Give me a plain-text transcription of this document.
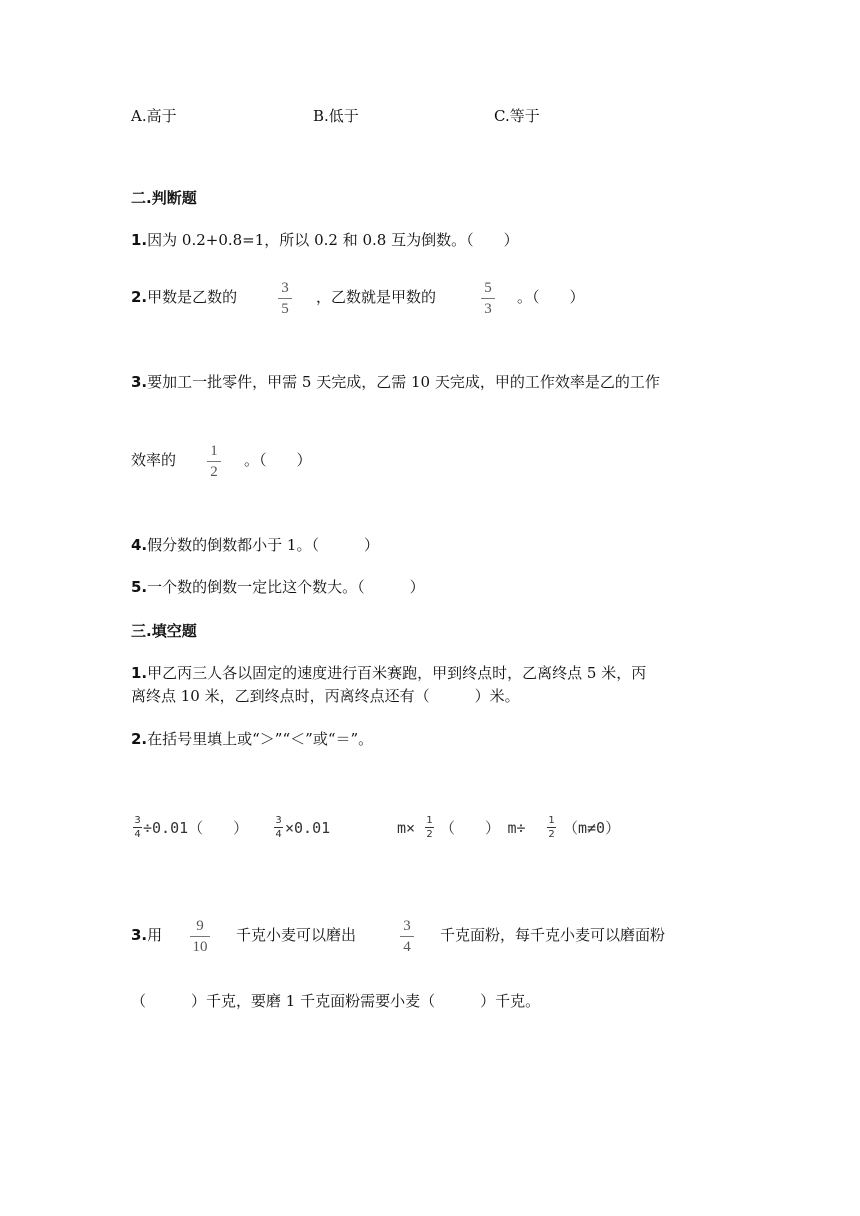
A.高于	B.低于	C.等于
二.判断题
1.因为 0.2+0.8=1，所以 0.2 和 0.8 互为倒数。（　　）
2.甲数是乙数的	3
5
，乙数就是甲数的	5
3
。（　　）
3.要加工一批零件，甲需 5 天完成，乙需 10 天完成，甲的工作效率是乙的工作
效率的 1
2
。（　　）
4.假分数的倒数都小于 1。（　　　）
5.一个数的倒数一定比这个数大。（　　　）
三.填空题
1.甲乙丙三人各以固定的速度进行百米赛跑，甲到终点时，乙离终点 5 米，丙
离终点 10 米，乙到终点时，丙离终点还有（　　　）米。
2.在括号里填上或“＞”“＜”或“＝”。
3
4 ÷0.01（　　）	3
4 ×0.01	m× 1
2 （　　）　m÷ 1
2 （m≠0）
3.用	9
10
千克小麦可以磨出	3
4
千克面粉，每千克小麦可以磨面粉
（　　　）千克，要磨 1 千克面粉需要小麦（　　　）千克。
